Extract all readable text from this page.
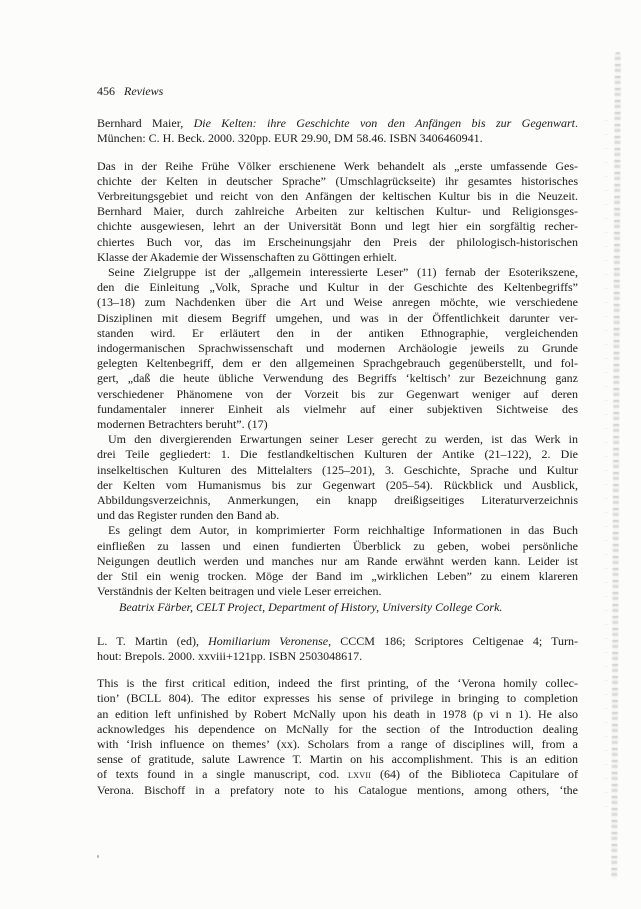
456 Reviews
Bernhard Maier, Die Kelten: ihre Geschichte von den Anfängen bis zur Gegenwart.
München: C. H. Beck. 2000. 320pp. EUR 29.90, DM 58.46. ISBN 3406460941.
Das in der Reihe Frühe Völker erschienene Werk behandelt als „erste umfassende Ges-
chichte der Kelten in deutscher Sprache” (Umschlagrückseite) ihr gesamtes historisches
Verbreitungsgebiet und reicht von den Anfängen der keltischen Kultur bis in die Neuzeit.
Bernhard Maier, durch zahlreiche Arbeiten zur keltischen Kultur- und Religionsges-
chichte ausgewiesen, lehrt an der Universität Bonn und legt hier ein sorgfältig recher-
chiertes Buch vor, das im Erscheinungsjahr den Preis der philologisch-historischen
Klasse der Akademie der Wissenschaften zu Göttingen erhielt.
Seine Zielgruppe ist der „allgemein interessierte Leser” (11) fernab der Esoterikszene,
den die Einleitung „Volk, Sprache und Kultur in der Geschichte des Keltenbegriffs”
(13–18) zum Nachdenken über die Art und Weise anregen möchte, wie verschiedene
Disziplinen mit diesem Begriff umgehen, und was in der Öffentlichkeit darunter ver-
standen wird. Er erläutert den in der antiken Ethnographie, vergleichenden
indogermanischen Sprachwissenschaft und modernen Archäologie jeweils zu Grunde
gelegten Keltenbegriff, dem er den allgemeinen Sprachgebrauch gegenüberstellt, und fol-
gert, „daß die heute übliche Verwendung des Begriffs ‘keltisch’ zur Bezeichnung ganz
verschiedener Phänomene von der Vorzeit bis zur Gegenwart weniger auf deren
fundamentaler innerer Einheit als vielmehr auf einer subjektiven Sichtweise des
modernen Betrachters beruht”. (17)
Um den divergierenden Erwartungen seiner Leser gerecht zu werden, ist das Werk in
drei Teile gegliedert: 1. Die festlandkeltischen Kulturen der Antike (21–122), 2. Die
inselkeltischen Kulturen des Mittelalters (125–201), 3. Geschichte, Sprache und Kultur
der Kelten vom Humanismus bis zur Gegenwart (205–54). Rückblick und Ausblick,
Abbildungsverzeichnis, Anmerkungen, ein knapp dreißigseitiges Literaturverzeichnis
und das Register runden den Band ab.
Es gelingt dem Autor, in komprimierter Form reichhaltige Informationen in das Buch
einfließen zu lassen und einen fundierten Überblick zu geben, wobei persönliche
Neigungen deutlich werden und manches nur am Rande erwähnt werden kann. Leider ist
der Stil ein wenig trocken. Möge der Band im „wirklichen Leben” zu einem klareren
Verständnis der Kelten beitragen und viele Leser erreichen.
Beatrix Färber, CELT Project, Department of History, University College Cork.
L. T. Martin (ed), Homiliarium Veronense, CCCM 186; Scriptores Celtigenae 4; Turn-
hout: Brepols. 2000. xxviii+121pp. ISBN 2503048617.
This is the first critical edition, indeed the first printing, of the ‘Verona homily collec-
tion’ (BCLL 804). The editor expresses his sense of privilege in bringing to completion
an edition left unfinished by Robert McNally upon his death in 1978 (p vi n 1). He also
acknowledges his dependence on McNally for the section of the Introduction dealing
with ‘Irish influence on themes’ (xx). Scholars from a range of disciplines will, from a
sense of gratitude, salute Lawrence T. Martin on his accomplishment. This is an edition
of texts found in a single manuscript, cod. lxvii (64) of the Biblioteca Capitulare of
Verona. Bischoff in a prefatory note to his Catalogue mentions, among others, ‘the
